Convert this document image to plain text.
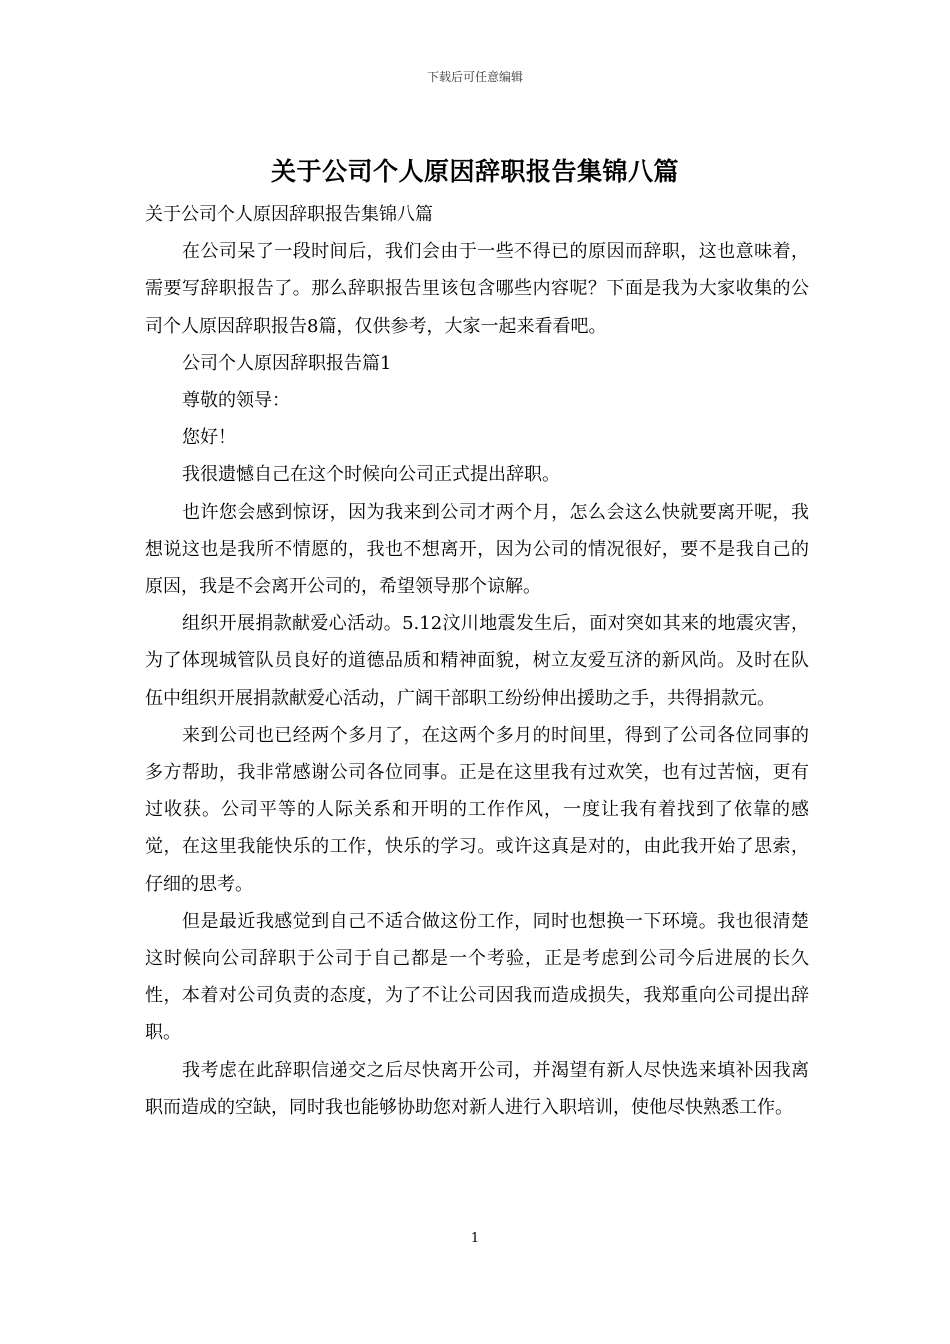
下载后可任意编辑
关于公司个人原因辞职报告集锦八篇

关于公司个人原因辞职报告集锦八篇

在公司呆了一段时间后，我们会由于一些不得已的原因而辞职，这也意味着，需要写辞职报告了。那么辞职报告里该包含哪些内容呢？下面是我为大家收集的公司个人原因辞职报告8篇，仅供参考，大家一起来看看吧。

公司个人原因辞职报告篇1

尊敬的领导：

您好！

我很遗憾自己在这个时候向公司正式提出辞职。

也许您会感到惊讶，因为我来到公司才两个月，怎么会这么快就要离开呢，我想说这也是我所不情愿的，我也不想离开，因为公司的情况很好，要不是我自己的原因，我是不会离开公司的，希望领导那个谅解。

组织开展捐款献爱心活动。5.12汶川地震发生后，面对突如其来的地震灾害，为了体现城管队员良好的道德品质和精神面貌，树立友爱互济的新风尚。及时在队伍中组织开展捐款献爱心活动，广阔干部职工纷纷伸出援助之手，共得捐款元。

来到公司也已经两个多月了，在这两个多月的时间里，得到了公司各位同事的多方帮助，我非常感谢公司各位同事。正是在这里我有过欢笑，也有过苦恼，更有过收获。公司平等的人际关系和开明的工作作风，一度让我有着找到了依靠的感觉，在这里我能快乐的工作，快乐的学习。或许这真是对的，由此我开始了思索，仔细的思考。

但是最近我感觉到自己不适合做这份工作，同时也想换一下环境。我也很清楚这时候向公司辞职于公司于自己都是一个考验，正是考虑到公司今后进展的长久性，本着对公司负责的态度，为了不让公司因我而造成损失，我郑重向公司提出辞职。

我考虑在此辞职信递交之后尽快离开公司，并渴望有新人尽快选来填补因我离职而造成的空缺，同时我也能够协助您对新人进行入职培训，使他尽快熟悉工作。

1
